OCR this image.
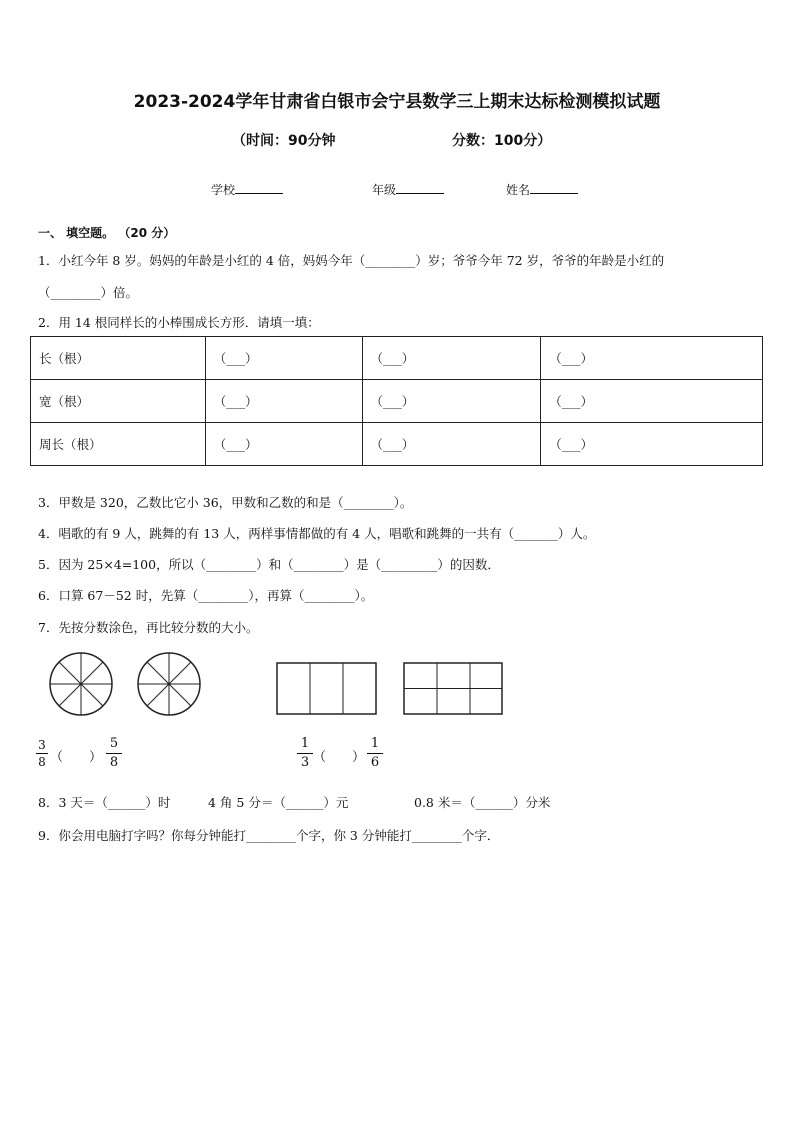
2023-2024学年甘肃省白银市会宁县数学三上期末达标检测模拟试题
（时间：90分钟	分数：100分）
学校	年级	姓名
一、 填空题。 （20 分）
1．小红今年 8 岁。妈妈的年龄是小红的 4 倍，妈妈今年（________）岁；爷爷今年 72 岁，爷爷的年龄是小红的
（________）倍。
2．用 14 根同样长的小棒围成长方形．请填一填：
长（根）	（___）	（___）	（___）
宽（根）	（___）	（___）	（___）
周长（根）	（___）	（___）	（___）
3．甲数是 320，乙数比它小 36，甲数和乙数的和是（________）。
4．唱歌的有 9 人，跳舞的有 13 人，两样事情都做的有 4 人，唱歌和跳舞的一共有（_______）人。
5．因为 25×4=100，所以（________）和（________）是（_________）的因数．
6．口算 67－52 时，先算（________），再算（________）。
7．先按分数涂色，再比较分数的大小。
3
8 （　　）
5
8
1
3 （　　）
1
6
8．3 天＝（______）时	4 角 5 分＝（______）元	0.8 米＝（______）分米
9．你会用电脑打字吗？你每分钟能打________个字，你 3 分钟能打________个字．
